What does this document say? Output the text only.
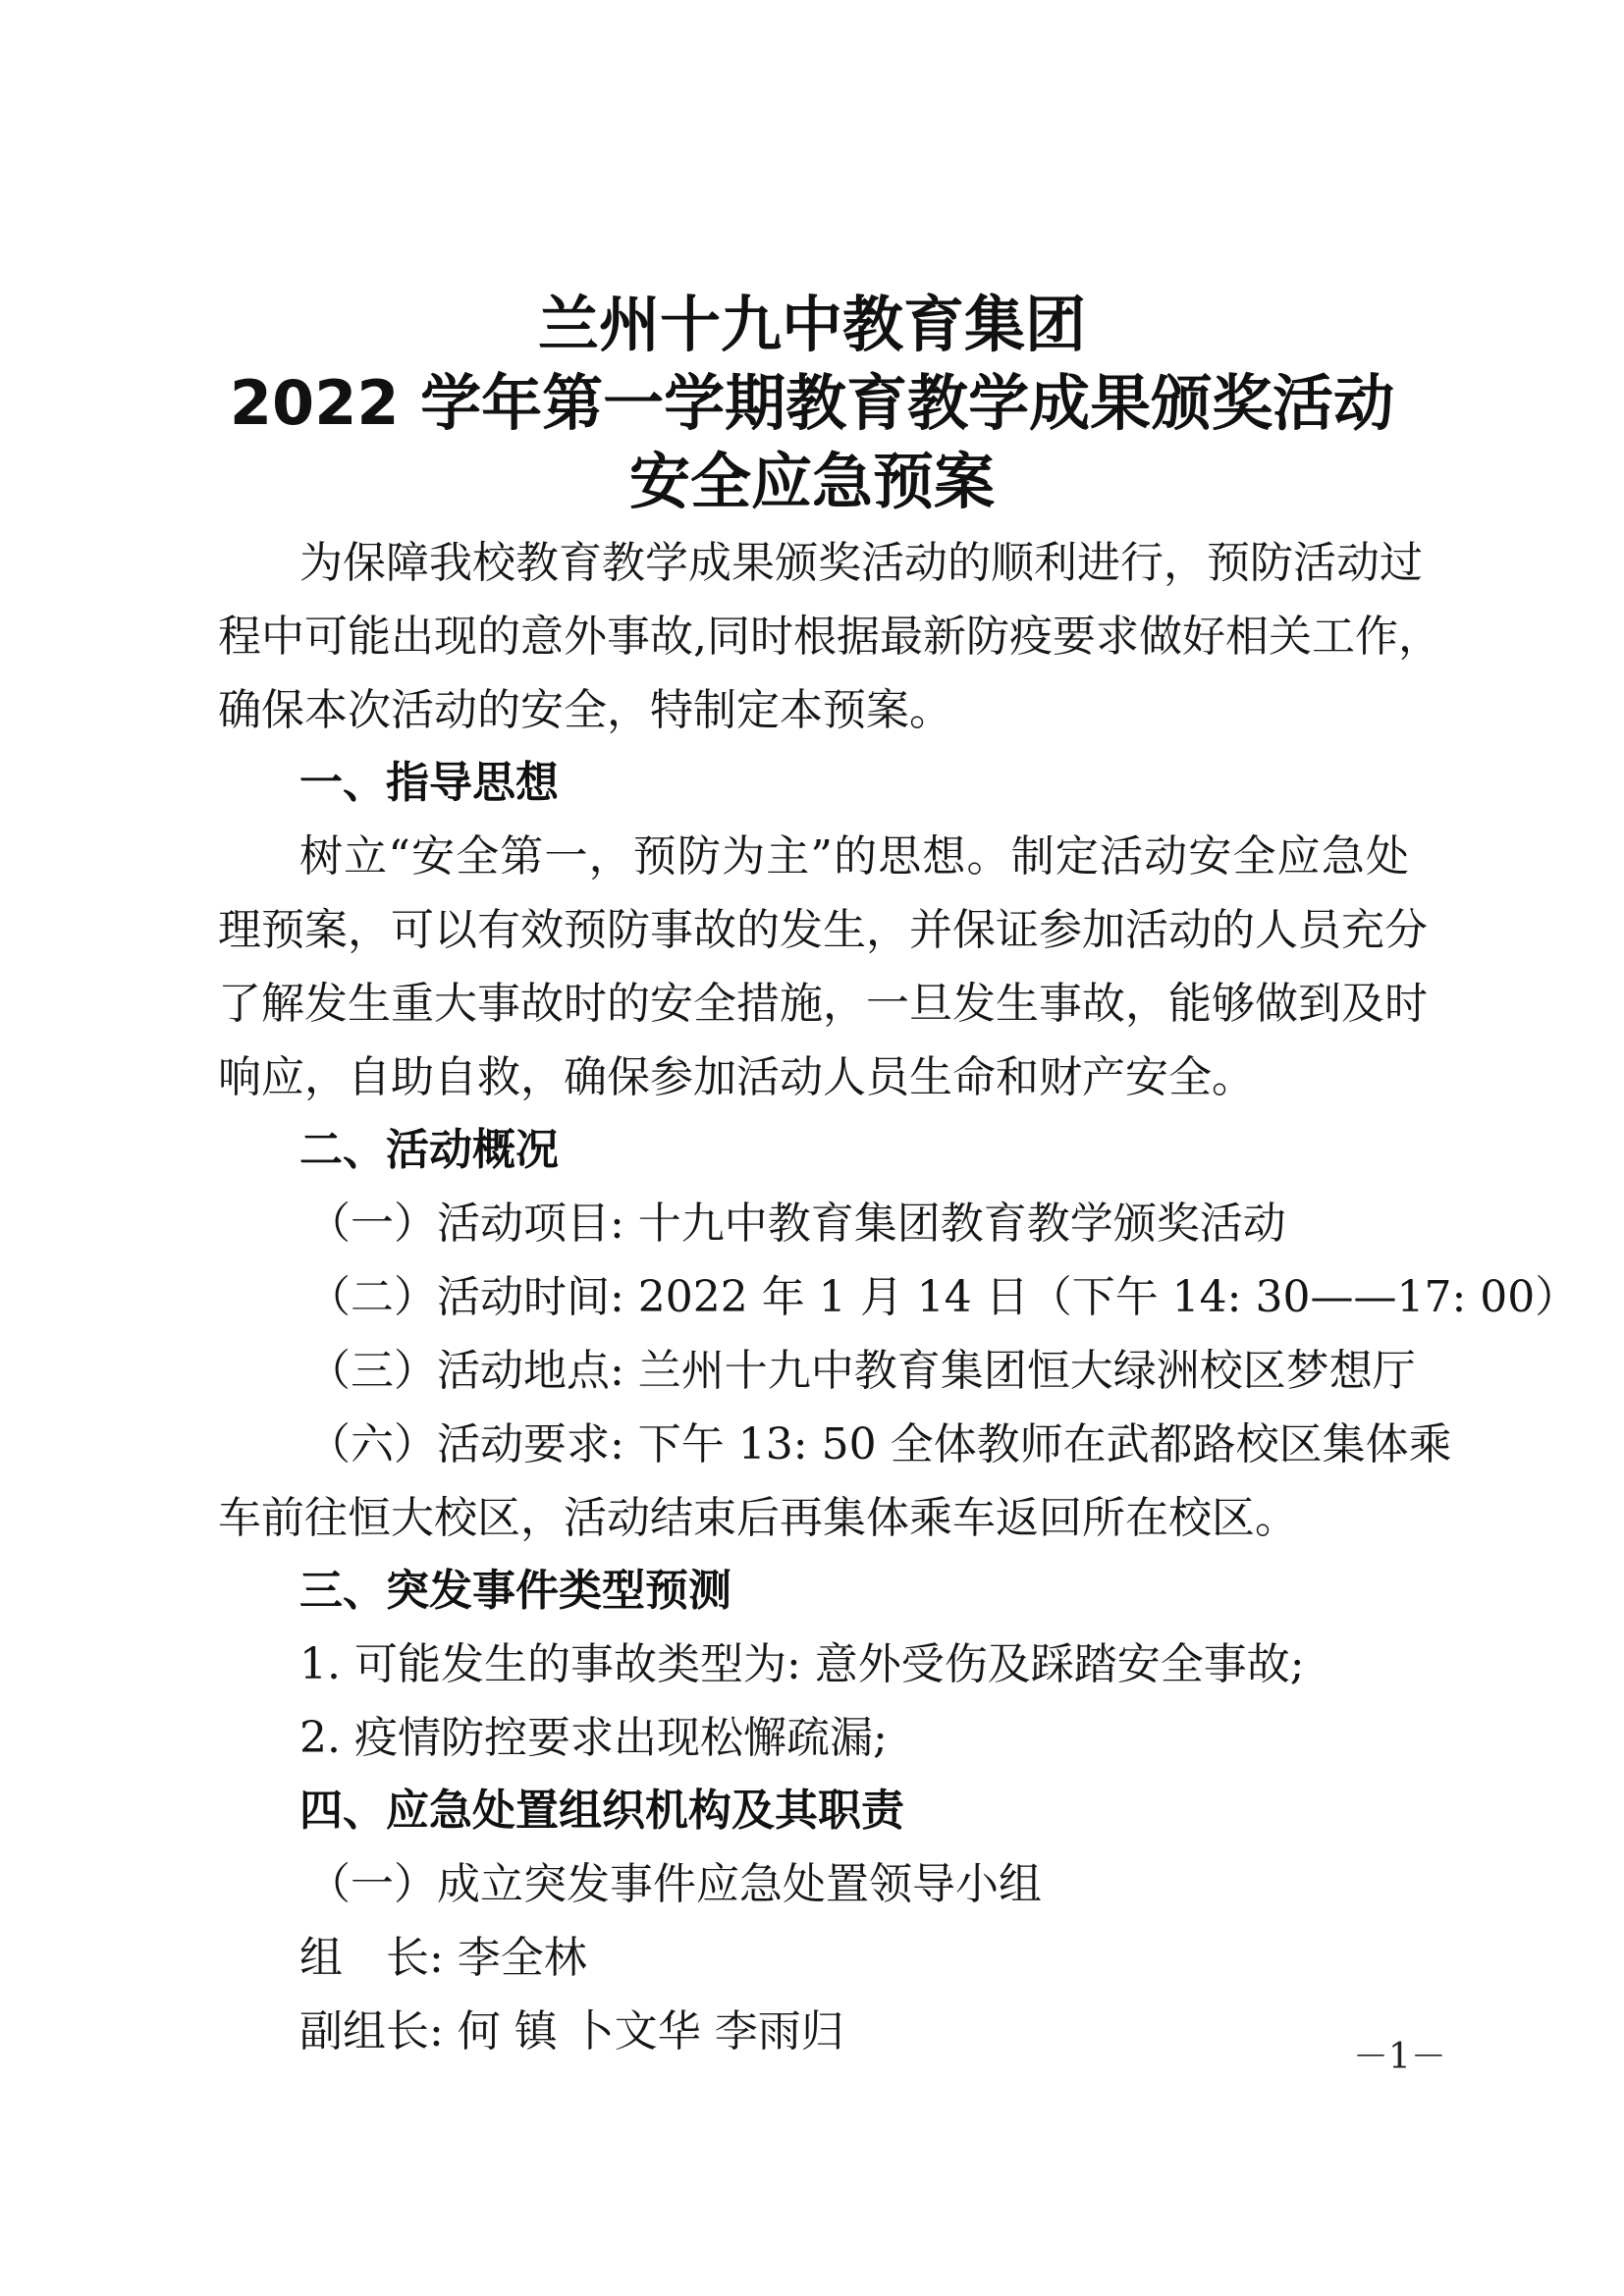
兰州十九中教育集团
2022 学年第一学期教育教学成果颁奖活动
安全应急预案
为保障我校教育教学成果颁奖活动的顺利进行，预防活动过
程中可能出现的意外事故,同时根据最新防疫要求做好相关工作，
确保本次活动的安全，特制定本预案。
一、指导思想
树立“安全第一，预防为主”的思想。制定活动安全应急处
理预案，可以有效预防事故的发生，并保证参加活动的人员充分
了解发生重大事故时的安全措施，一旦发生事故，能够做到及时
响应，自助自救，确保参加活动人员生命和财产安全。
二、活动概况
（一）活动项目: 十九中教育集团教育教学颁奖活动
（二）活动时间: 2022 年 1 月 14 日（下午 14: 30——17: 00）
（三）活动地点: 兰州十九中教育集团恒大绿洲校区梦想厅
（六）活动要求: 下午 13: 50 全体教师在武都路校区集体乘
车前往恒大校区，活动结束后再集体乘车返回所在校区。
三、突发事件类型预测
1. 可能发生的事故类型为: 意外受伤及踩踏安全事故;
2. 疫情防控要求出现松懈疏漏;
四、应急处置组织机构及其职责
（一）成立突发事件应急处置领导小组
组　长: 李全林
副组长: 何 镇 卜文华 李雨归
－1－
